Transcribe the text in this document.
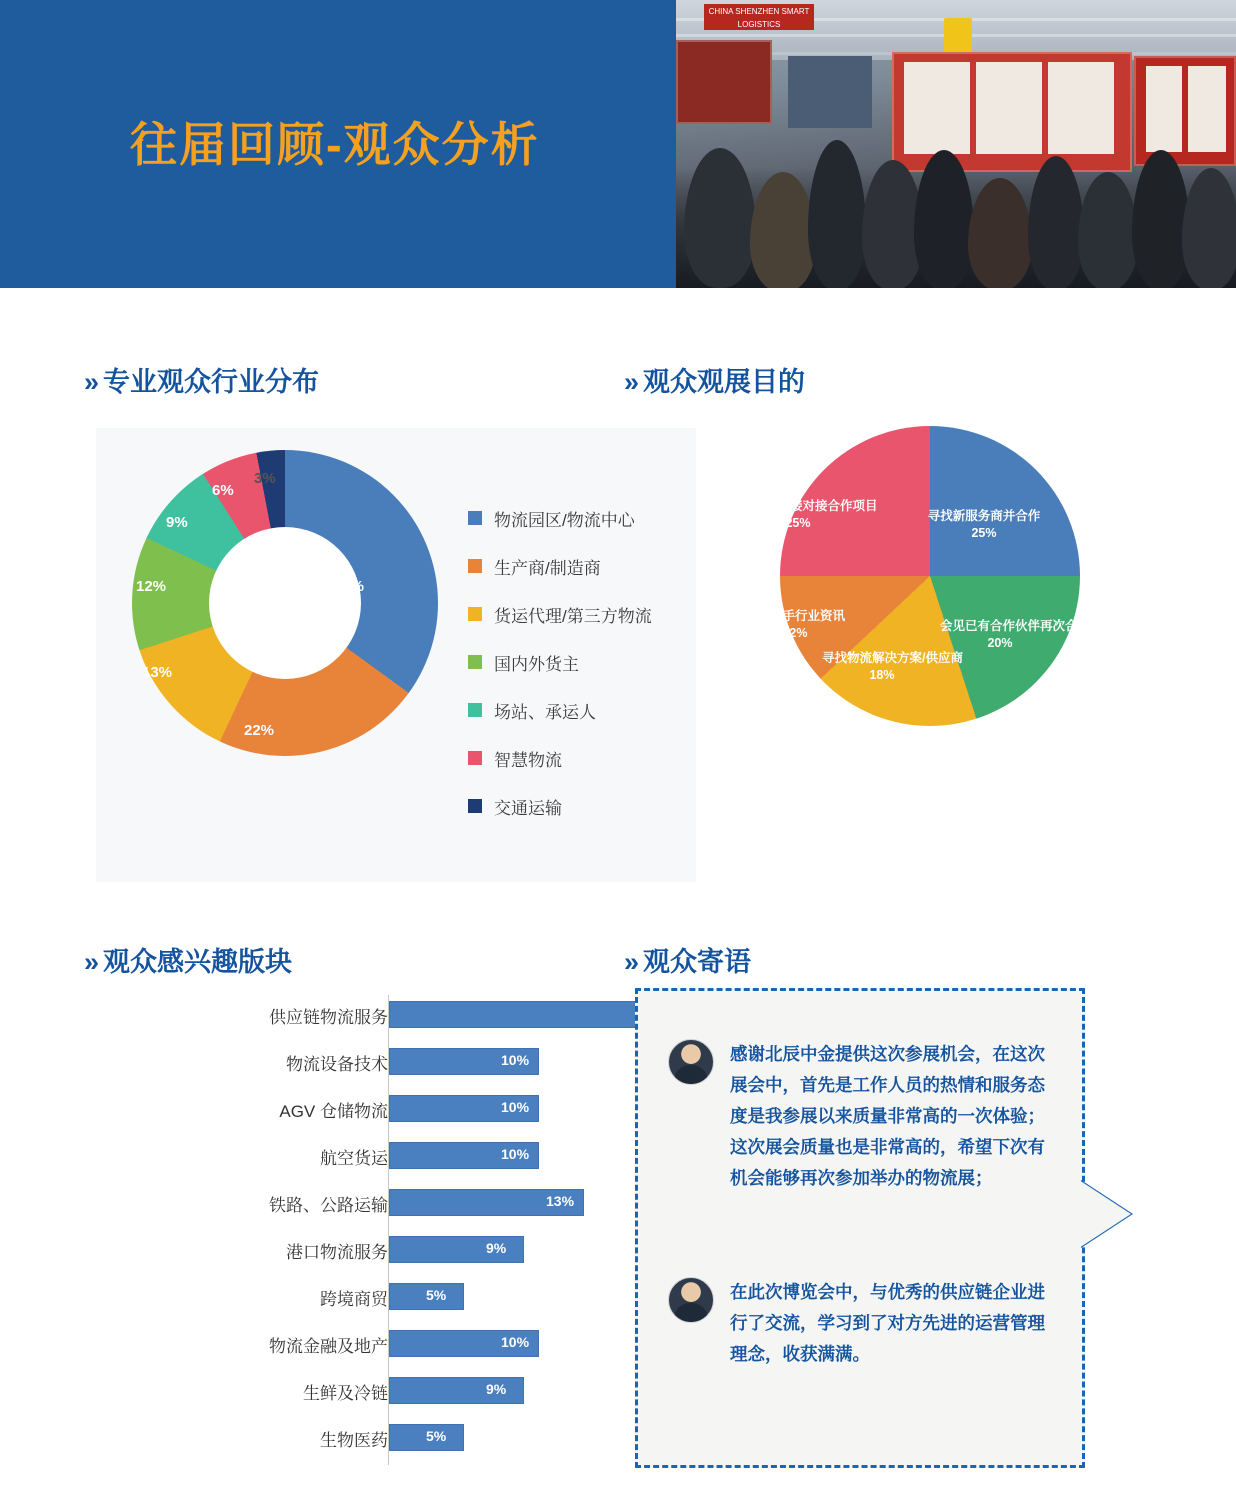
往届回顾-观众分析
CHINA SHENZHEN SMART LOGISTICS
» 专业观众行业分布	» 观众观展目的
» 观众感兴趣版块	» 观众寄语
35%
22%
13%
12%
9%
6%
3%
物流园区/物流中心
生产商/制造商
货运代理/第三方物流
国内外货主
场站、承运人
智慧物流
交通运输
寻找新服务商并合作
25%
会见已有合作伙伴再次合作
20%
寻找物流解决方案/供应商
18%
获取一手行业资讯
12%
在展会直接对接合作项目
25%
供应链物流服务
物流设备技术	10%
AGV 仓储物流	10%
航空货运	10%
铁路、公路运输	13%
港口物流服务	9%
跨境商贸	5%
物流金融及地产	10%
生鲜及冷链	9%
生物医药	5%
感谢北辰中金提供这次参展机会，在这次展会中，首先是工作人员的热情和服务态度是我参展以来质量非常高的一次体验；这次展会质量也是非常高的，希望下次有机会能够再次参加举办的物流展；
在此次博览会中，与优秀的供应链企业进行了交流，学习到了对方先进的运营管理理念，收获满满。
